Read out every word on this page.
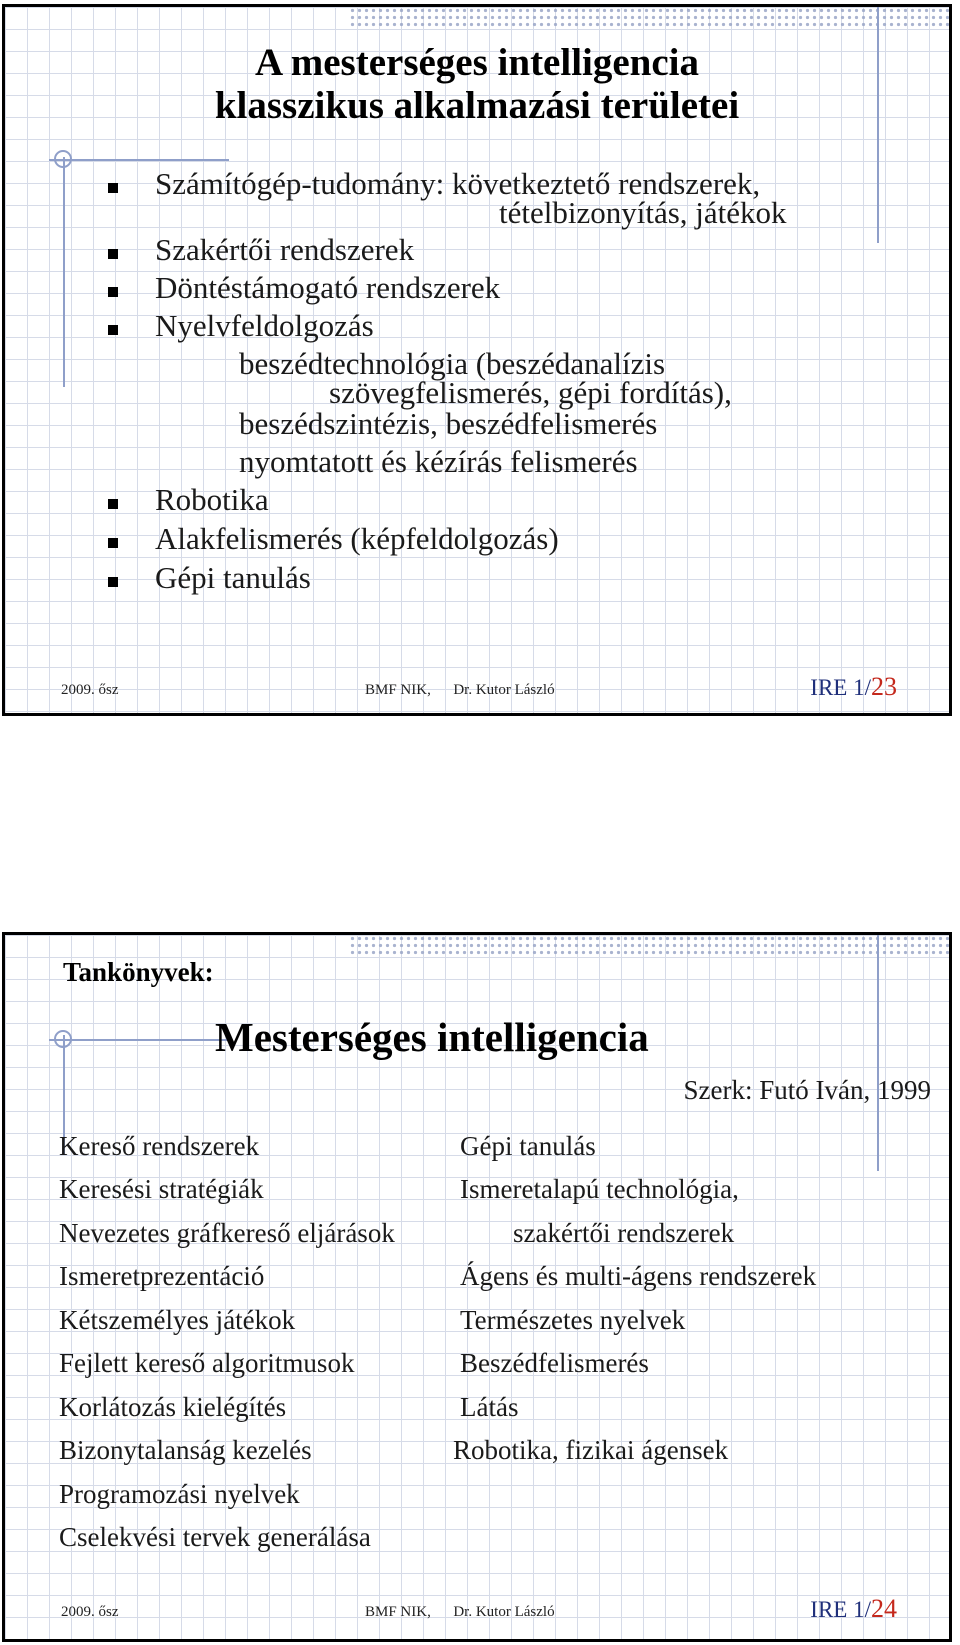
A mesterséges intelligencia
klasszikus alkalmazási területei
Számítógép-tudomány: következtető rendszerek,
tételbizonyítás, játékok
Szakértői rendszerek
Döntéstámogató rendszerek
Nyelvfeldolgozás
beszédtechnológia (beszédanalízis
szövegfelismerés, gépi fordítás),
beszédszintézis, beszédfelismerés
nyomtatott és kézírás felismerés
Robotika
Alakfelismerés (képfeldolgozás)
Gépi tanulás
2009. ősz	BMF NIK,      Dr. Kutor László	IRE 1/23
Tankönyvek:
Mesterséges intelligencia
Szerk: Futó Iván, 1999
Kereső rendszerek
Keresési stratégiák
Nevezetes gráfkereső eljárások
Ismeretprezentáció
Kétszemélyes játékok
Fejlett kereső algoritmusok
Korlátozás kielégítés
Bizonytalanság kezelés
Programozási nyelvek
Cselekvési tervek generálása
Gépi tanulás
Ismeretalapú technológia,
szakértői rendszerek
Ágens és multi-ágens rendszerek
Természetes nyelvek
Beszédfelismerés
Látás
Robotika, fizikai ágensek
2009. ősz	BMF NIK,      Dr. Kutor László	IRE 1/24
